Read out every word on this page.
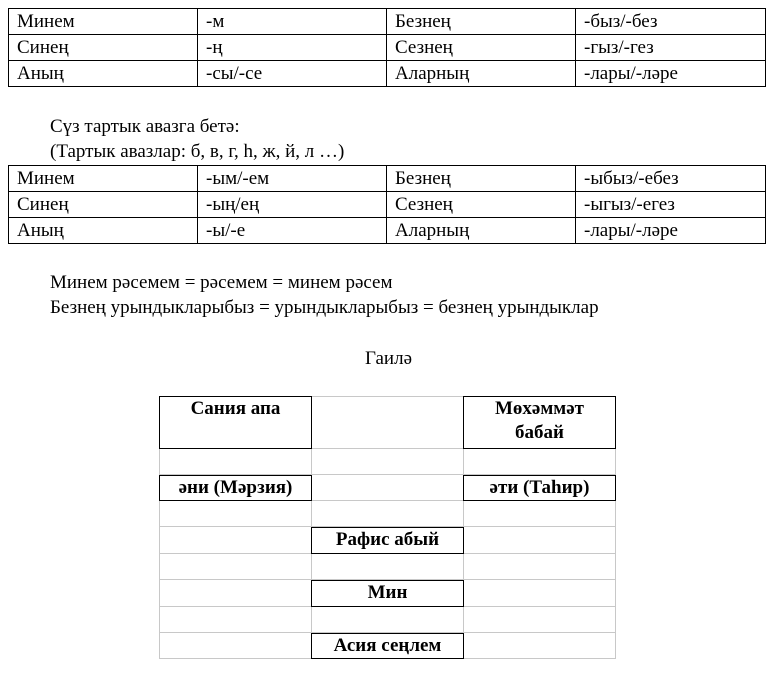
Минем	-м	Безнең	-быз/-без
Синең	-ң	Сезнең	-гыз/-гез
Аның	-сы/-се	Аларның	-лары/-ләре
Сүз тартык авазга бетә:
(Тартык авазлар: б, в, г, һ, ж, й, л …)
Минем	-ым/-ем	Безнең	-ыбыз/-ебез
Синең	-ың/ең	Сезнең	-ыгыз/-егез
Аның	-ы/-е	Аларның	-лары/-ләре
Минем рәсемем = рәсемем = минем рәсем
Безнең урындыкларыбыз = урындыкларыбыз = безнең урындыклар
Гаилә
Сания апа	Мөхәммәт
бабай
әни (Мәрзия)	әти (Таһир)
Рафис абый
Мин
Асия сеңлем
